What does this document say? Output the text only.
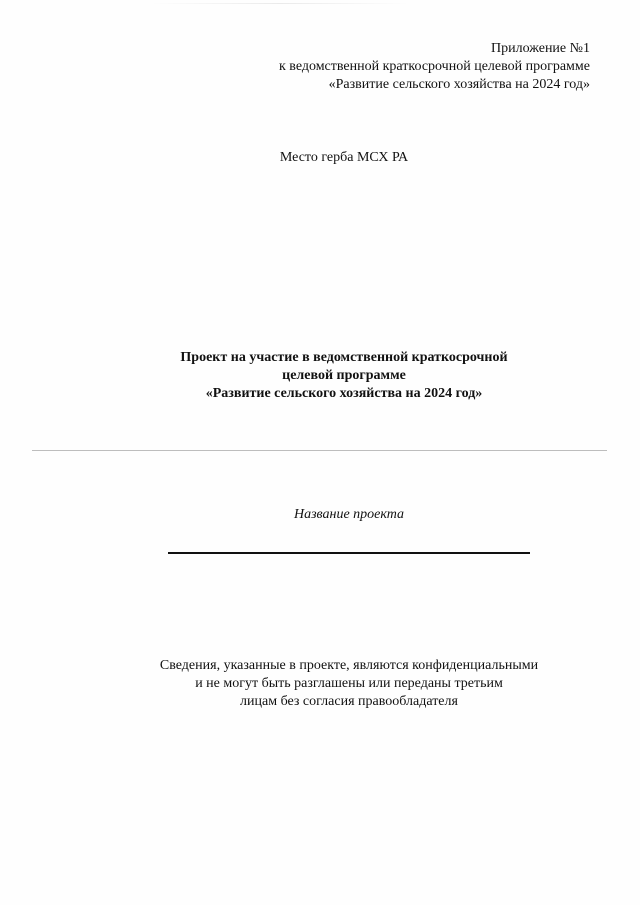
Приложение №1
к ведомственной краткосрочной целевой программе
«Развитие сельского хозяйства на 2024 год»
Место герба МСХ РА
Проект на участие в ведомственной краткосрочной
целевой программе
«Развитие сельского хозяйства на 2024 год»
Название проекта
Сведения, указанные в проекте, являются конфиденциальными
и не могут быть разглашены или переданы третьим
лицам без согласия правообладателя
